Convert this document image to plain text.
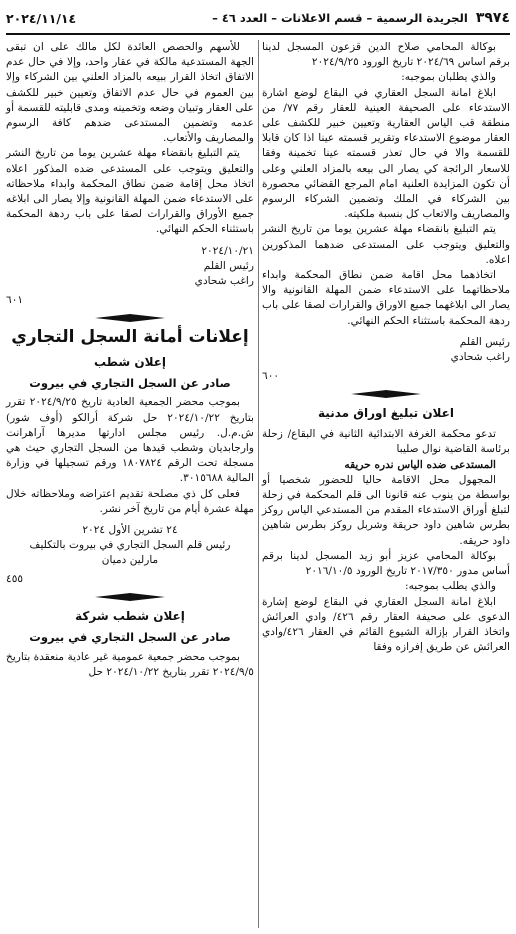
٣٩٧٤
الجريدة الرسمية – قسم الاعلانات – العدد ٤٦ –
٢٠٢٤/١١/١٤

بوكالة المحامي صلاح الدين قزعون المسجل لدينا برقم اساس ٢٠٢٤/٦٩ تاريخ الورود ٢٠٢٤/٩/٢٥

والذي يطلبان بموجبه:

ابلاغ امانة السجل العقاري في البقاع لوضع اشارة الاستدعاء على الصحيفة العينية للعقار رقم ٧٧/ من منطقة قب الياس العقارية وتعيين خبير للكشف على العقار موضوع الاستدعاء وتقرير قسمته عينا اذا كان قابلا للقسمة والا في حال تعذر قسمته عينا تخمينة وفقا للاسعار الرائجة كي يصار الى بيعه بالمزاد العلني وعلى أن تكون المزايدة العلنية امام المرجع القضائي محصورة بين الشركاء في الملك وتضمين الشركاء الرسوم والمصاريف والاتعاب كل بنسبة ملكيته.

يتم التبليغ بانقضاء مهلة عشرين يوما من تاريخ النشر والتعليق ويتوجب على المستدعى ضدهما المذكورين اعلاه.

اتخاذهما محل اقامة ضمن نطاق المحكمة وابداء ملاحظاتهما على الاستدعاء ضمن المهلة القانونية والا يصار الى ابلاغهما جميع الاوراق والقرارات لصقا على باب ردهة المحكمة باستثناء الحكم النهائي.

رئيس القلم
راغب شحادي
٦٠٠
اعلان تبليغ اوراق مدنية

تدعو محكمة الغرفة الابتدائية الثانية في البقاع/ زحلة برئاسة القاضية نوال صليبا

المستدعى ضده الياس ندره حريقه

المجهول محل الاقامة حاليا للحضور شخصيا أو بواسطة من ينوب عنه قانونا الى قلم المحكمة في زحلة لتبلغ أوراق الاستدعاء المقدم من المستدعي الياس روكز بطرس شاهين داود حريقة وشربل روكز بطرس شاهين داود حريقه.

بوكالة المحامي عزيز أبو زيد المسجل لدينا برقم أساس مدور ٢٠١٧/٣٥٠ تاريخ الورود ٢٠١٦/١٠/٥

والذي يطلب بموجبه:

ابلاغ امانة السجل العقاري في البقاع لوضع إشارة الدعوى على صحيفة العقار رقم ٤٢٦/ وادي العرائش واتخاذ القرار بإزالة الشيوع القائم في العقار ٤٢٦/وادي العرائش عن طريق إفرازه وفقا

للأسهم والحصص العائدة لكل مالك على ان تبقى الجهة المستدعية مالكة في عقار واحد، وإلا في حال عدم الاتفاق اتخاذ القرار ببيعه بالمزاد العلني بين الشركاء وإلا بين العموم في حال عدم الاتفاق وتعيين خبير للكشف على العقار وتبيان وضعه وتخمينه ومدى قابليته للقسمة أو عدمه وتضمين المستدعى ضدهم كافة الرسوم والمصاريف والأتعاب.

يتم التبليغ بانقضاء مهلة عشرين يوما من تاريخ النشر والتعليق ويتوجب على المستدعى ضده المذكور اعلاه اتخاذ محل إقامة ضمن نطاق المحكمة وابداء ملاحظاته على الاستدعاء ضمن المهلة القانونية وإلا يصار الى ابلاغه جميع الأوراق والقرارات لصقا على باب ردهة المحكمة باستثناء الحكم النهائي.

٢٠٢٤/١٠/٢١
رئيس القلم
راغب شحادي
٦٠١
إعلانات أمانة السجل التجاري
إعلان شطب
صادر عن السجل التجاري في بيروت

بموجب محضر الجمعية العادية تاريخ ٢٠٢٤/٩/٢٥ تقرر بتاريخ ٢٠٢٤/١٠/٢٢ حل شركة أرالكو (أوف شور) ش.م.ل. رئيس مجلس ادارتها مديرها آراهرانت وارجابديان وشطب قيدها من السجل التجاري حيث هي مسجلة تحت الرقم ١٨٠٧٨٢٤ ورقم تسجيلها في وزارة المالية ٣٠١٥٦٨٨.

فعلى كل ذي مصلحة تقديم اعتراضه وملاحظاته خلال مهلة عشرة أيام من تاريخ آخر نشر.

٢٤ تشرين الأول ٢٠٢٤
رئيس قلم السجل التجاري في بيروت بالتكليف
مارلين دميان
٤٥٥
إعلان شطب شركة
صادر عن السجل التجاري في بيروت

بموجب محضر جمعية عمومية غير عادية منعقدة بتاريخ ٢٠٢٤/٩/٥ تقرر بتاريخ ٢٠٢٤/١٠/٢٢ حل
